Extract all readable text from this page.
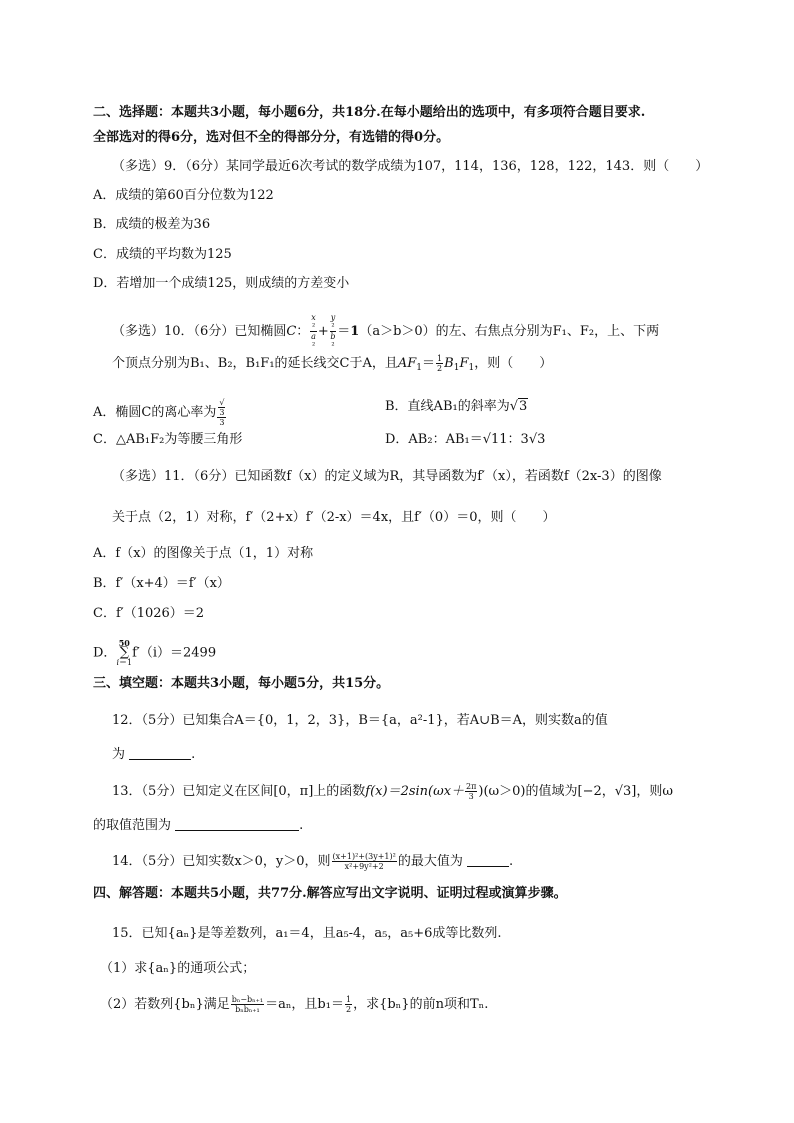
二、选择题：本题共3小题，每小题6分，共18分.在每小题给出的选项中，有多项符合题目要求.
全部选对的得6分，选对但不全的得部分分，有选错的得0分。
（多选）9．（6分）某同学最近6次考试的数学成绩为107，114，136，128，122，143．则（　　）
A．成绩的第60百分位数为122
B．成绩的极差为36
C．成绩的平均数为125
D．若增加一个成绩125，则成绩的方差变小
（多选）10．（6分）已知椭圆C： x
²
a
² + y
²
b
² ＝1（a＞b＞0）的左、右焦点分别为F₁、F₂，上、下两
个顶点分别为B₁、B₂，B₁F₁的延长线交C于A，且$AF_1= \frac{1}{2} B_1F_1$，则（　　）
A．椭圆C的离心率为 √
3
3	B．直线AB₁的斜率为√3
C．△AB₁F₂为等腰三角形	D．AB₂：AB₁＝√11：3√3
（多选）11．（6分）已知函数f（x）的定义域为R，其导函数为f′（x），若函数f（2x-3）的图像
关于点（2，1）对称，f′（2+x）f′（2-x）＝4x，且f′（0）＝0，则（　　）
A．f（x）的图像关于点（1，1）对称
B．f′（x+4）＝f′（x）
C．f′（1026）＝2
D．
50
∑
i＝1
f′（i）＝2499
三、填空题：本题共3小题，每小题5分，共15分。
12．（5分）已知集合A＝{0，1，2，3}，B＝{a，a²-1}，若A∪B＝A，则实数a的值
为	.
13．（5分）已知定义在区间[0，π]上的函数$f(x)=2\sin(\omega x+ \frac{2\pi}{3} )(\omega>0)$的值域为[−2，√3]，则ω
的取值范围为	.
14．（5分）已知实数x＞0，y＞0，则 $\frac{\text{(x+1)²+(3y+1)²}}{\text{x²+9y²+2}}$ 的最大值为	.
四、解答题：本题共5小题，共77分.解答应写出文字说明、证明过程或演算步骤。
15．已知{aₙ}是等差数列，a₁＝4，且a₅-4，a₅，a₅+6成等比数列.
（1）求{aₙ}的通项公式；
（2）若数列{bₙ}满足 $\frac{\text{bₙ−bₙ₊₁}}{\text{bₙbₙ₊₁}} =a_n$，且$b_1= \frac{1}{2}$ ，求{bₙ}的前n项和Tₙ.
